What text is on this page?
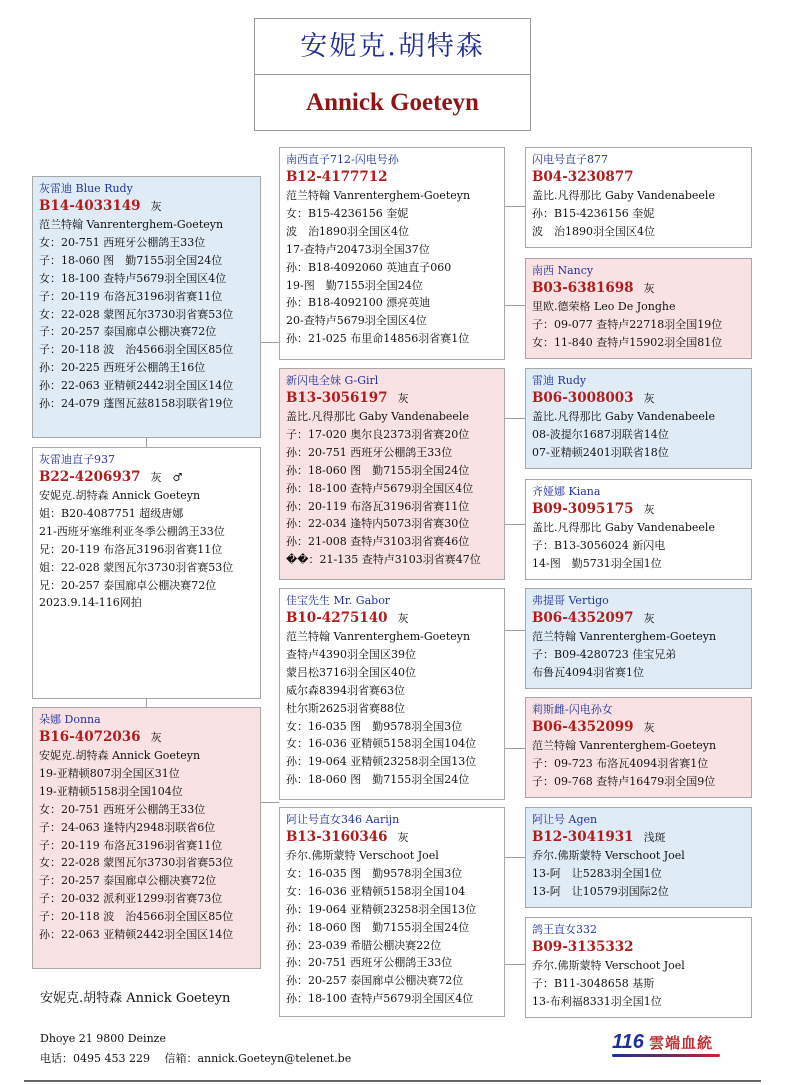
安妮克.胡特森
Annick Goeteyn
灰雷迪 Blue Rudy
B14-4033149 灰
范兰特翰 Vanrenterghem-Goeteyn
女：20-751 西班牙公棚鸽王33位
子：18-060 图　勤7155羽全国24位
女：18-100 查特卢5679羽全国区4位
子：20-119 布洛瓦3196羽省赛11位
女：22-028 蒙图瓦尔3730羽省赛53位
子：20-257 泰国廊卓公棚决赛72位
子：20-118 波　治4566羽全国区85位
孙：20-225 西班牙公棚鸽王16位
孙：22-063 亚精顿2442羽全国区14位
孙：24-079 蓬图瓦兹8158羽联省19位
灰雷迪直子937
B22-4206937 灰　♂
安妮克.胡特森 Annick Goeteyn
姐：B20-4087751 超级唐娜
21-西班牙塞维利亚冬季公棚鸽王33位
兄：20-119 布洛瓦3196羽省赛11位
姐：22-028 蒙图瓦尔3730羽省赛53位
兄：20-257 泰国廊卓公棚决赛72位
2023.9.14-116网拍
朵娜 Donna
B16-4072036 灰
安妮克.胡特森 Annick Goeteyn
19-亚精顿807羽全国区31位
19-亚精顿5158羽全国104位
女：20-751 西班牙公棚鸽王33位
子：24-063 逢特内2948羽联省6位
子：20-119 布洛瓦3196羽省赛11位
女：22-028 蒙图瓦尔3730羽省赛53位
子：20-257 泰国廊卓公棚决赛72位
子：20-032 派利亚1299羽省赛73位
子：20-118 波　治4566羽全国区85位
孙：22-063 亚精顿2442羽全国区14位
南西直子712-闪电号孙
B12-4177712
范兰特翰 Vanrenterghem-Goeteyn
女：B15-4236156 奎妮
波　治1890羽全国区4位
17-查特卢20473羽全国37位
孙：B18-4092060 英迪直子060
19-图　勤7155羽全国24位
孙：B18-4092100 漂亮英迪
20-查特卢5679羽全国区4位
孙：21-025 布里命14856羽省赛1位
新闪电全妹 G-Girl
B13-3056197 灰
盖比.凡得那比 Gaby Vandenabeele
子：17-020 奥尔良2373羽省赛20位
孙：20-751 西班牙公棚鸽王33位
孙：18-060 图　勤7155羽全国24位
孙：18-100 查特卢5679羽全国区4位
孙：20-119 布洛瓦3196羽省赛11位
孙：22-034 逢特内5073羽省赛30位
孙：21-008 查特卢3103羽省赛46位
��：21-135 查特卢3103羽省赛47位
佳宝先生 Mr. Gabor
B10-4275140 灰
范兰特翰 Vanrenterghem-Goeteyn
查特卢4390羽全国区39位
蒙吕松3716羽全国区40位
威尔森8394羽省赛63位
杜尔斯2625羽省赛88位
女：16-035 图　勤9578羽全国3位
女：16-036 亚精顿5158羽全国104位
孙：19-064 亚精顿23258羽全国13位
孙：18-060 图　勤7155羽全国24位
阿让号直女346 Aarijn
B13-3160346 灰
乔尔.佛斯蒙特 Verschoot Joel
女：16-035 图　勤9578羽全国3位
女：16-036 亚精顿5158羽全国104
孙：19-064 亚精顿23258羽全国13位
孙：18-060 图　勤7155羽全国24位
孙：23-039 希腊公棚决赛22位
孙：20-751 西班牙公棚鸽王33位
孙：20-257 泰国廊卓公棚决赛72位
孙：18-100 查特卢5679羽全国区4位
闪电号直子877
B04-3230877
盖比.凡得那比 Gaby Vandenabeele
孙：B15-4236156 奎妮
波　治1890羽全国区4位
南西 Nancy
B03-6381698 灰
里欧.德荣格 Leo De Jonghe
子：09-077 查特卢22718羽全国19位
女：11-840 查特卢15902羽全国81位
雷迪 Rudy
B06-3008003 灰
盖比.凡得那比 Gaby Vandenabeele
08-波提尔1687羽联省14位
07-亚精顿2401羽联省18位
齐娅娜 Kiana
B09-3095175 灰
盖比.凡得那比 Gaby Vandenabeele
子：B13-3056024 新闪电
14-图　勤5731羽全国1位
弗提哥 Vertigo
B06-4352097 灰
范兰特翰 Vanrenterghem-Goeteyn
子：B09-4280723 佳宝兄弟
布鲁瓦4094羽省赛1位
莉斯雌-闪电孙女
B06-4352099 灰
范兰特翰 Vanrenterghem-Goeteyn
子：09-723 布洛瓦4094羽省赛1位
子：09-768 查特卢16479羽全国9位
阿让号 Agen
B12-3041931 浅斑
乔尔.佛斯蒙特 Verschoot Joel
13-阿　让5283羽全国1位
13-阿　让10579羽国际2位
鸽王直女332
B09-3135332
乔尔.佛斯蒙特 Verschoot Joel
子：B11-3048658 基斯
13-布利福8331羽全国1位
安妮克.胡特森 Annick Goeteyn
Dhoye 21 9800 Deinze
电话：0495 453 229　 信箱：annick.Goeteyn@telenet.be
116 雲端血統
